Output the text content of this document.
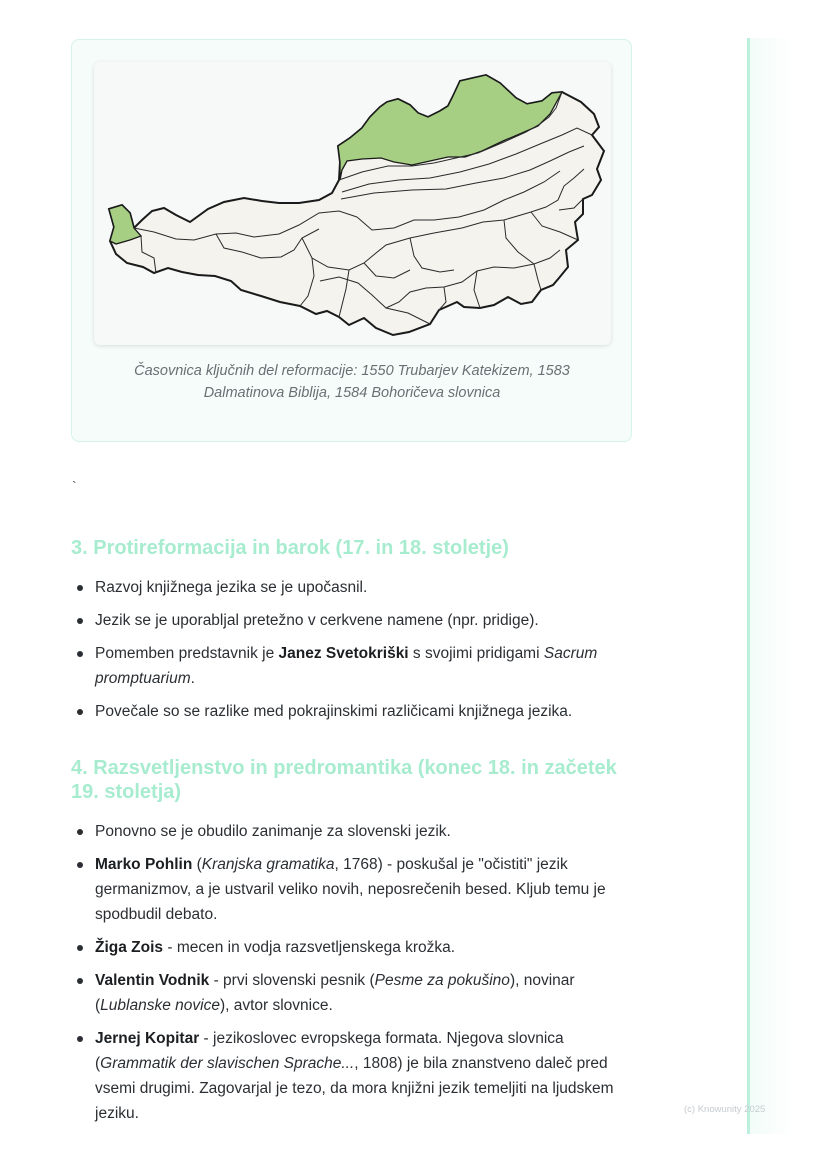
Časovnica ključnih del reformacije: 1550 Trubarjev Katekizem, 1583
Dalmatinova Biblija, 1584 Bohoričeva slovnica
`
3. Protireformacija in barok (17. in 18. stoletje)
Razvoj knjižnega jezika se je upočasnil.
Jezik se je uporabljal pretežno v cerkvene namene (npr. pridige).
Pomemben predstavnik je Janez Svetokriški s svojimi pridigami Sacrum promptuarium.
Povečale so se razlike med pokrajinskimi različicami knjižnega jezika.
4. Razsvetljenstvo in predromantika (konec 18. in začetek 19. stoletja)
Ponovno se je obudilo zanimanje za slovenski jezik.
Marko Pohlin (Kranjska gramatika, 1768) - poskušal je "očistiti" jezik germanizmov, a je ustvaril veliko novih, neposrečenih besed. Kljub temu je spodbudil debato.
Žiga Zois - mecen in vodja razsvetljenskega krožka.
Valentin Vodnik - prvi slovenski pesnik (Pesme za pokušino), novinar (Lublanske novice), avtor slovnice.
Jernej Kopitar - jezikoslovec evropskega formata. Njegova slovnica (Grammatik der slavischen Sprache..., 1808) je bila znanstveno daleč pred vsemi drugimi. Zagovarjal je tezo, da mora knjižni jezik temeljiti na ljudskem jeziku.	(c) Knowunity 2025
